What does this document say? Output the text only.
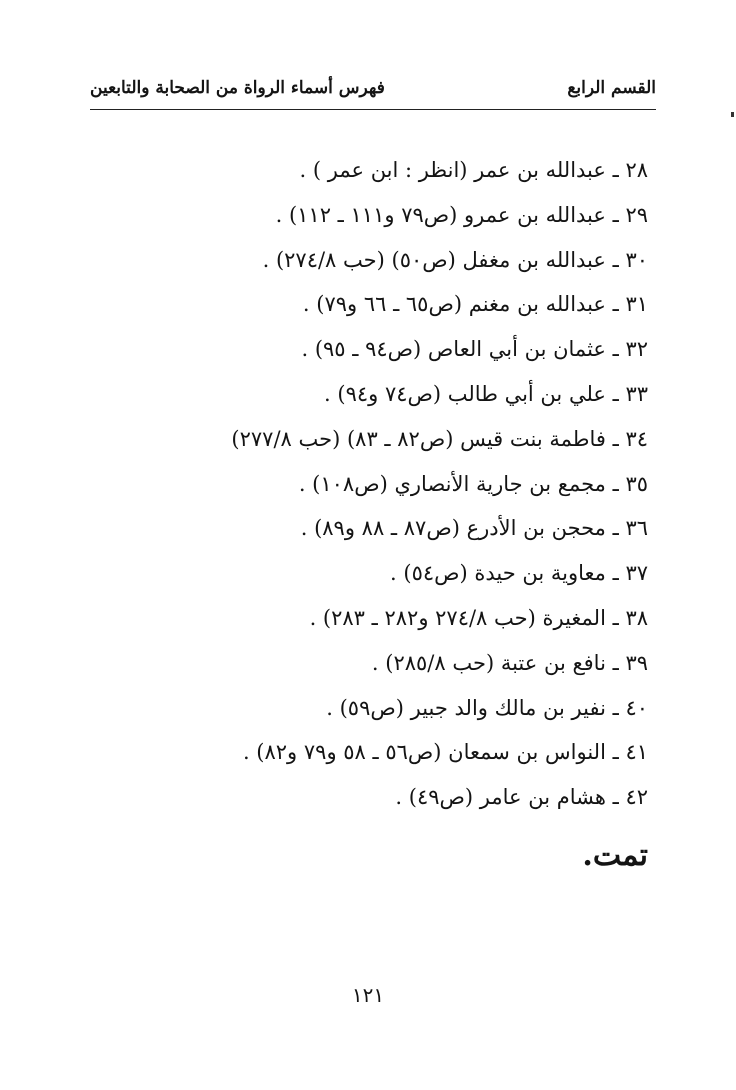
القسم الرابع
فهرس أسماء الرواة من الصحابة والتابعين
٢٨ ـ عبدالله بن عمر (انظر : ابن عمر ) .
٢٩ ـ عبدالله بن عمرو (ص٧٩ و١١١ ـ ١١٢) .
٣٠ ـ عبدالله بن مغفل (ص٥٠) (حب ٢٧٤/٨) .
٣١ ـ عبدالله بن مغنم (ص٦٥ ـ ٦٦ و٧٩) .
٣٢ ـ عثمان بن أبي العاص (ص٩٤ ـ ٩٥) .
٣٣ ـ علي بن أبي طالب (ص٧٤ و٩٤) .
٣٤ ـ فاطمة بنت قيس (ص٨٢ ـ ٨٣) (حب ٢٧٧/٨)
٣٥ ـ مجمع بن جارية الأنصاري (ص١٠٨) .
٣٦ ـ محجن بن الأدرع (ص٨٧ ـ ٨٨ و٨٩) .
٣٧ ـ معاوية بن حيدة (ص٥٤) .
٣٨ ـ المغيرة (حب ٢٧٤/٨ و٢٨٢ ـ ٢٨٣) .
٣٩ ـ نافع بن عتبة (حب ٢٨٥/٨) .
٤٠ ـ نفير بن مالك والد جبير (ص٥٩) .
٤١ ـ النواس بن سمعان (ص٥٦ ـ ٥٨ و٧٩ و٨٢) .
٤٢ ـ هشام بن عامر (ص٤٩) .
تمت.
١٢١
